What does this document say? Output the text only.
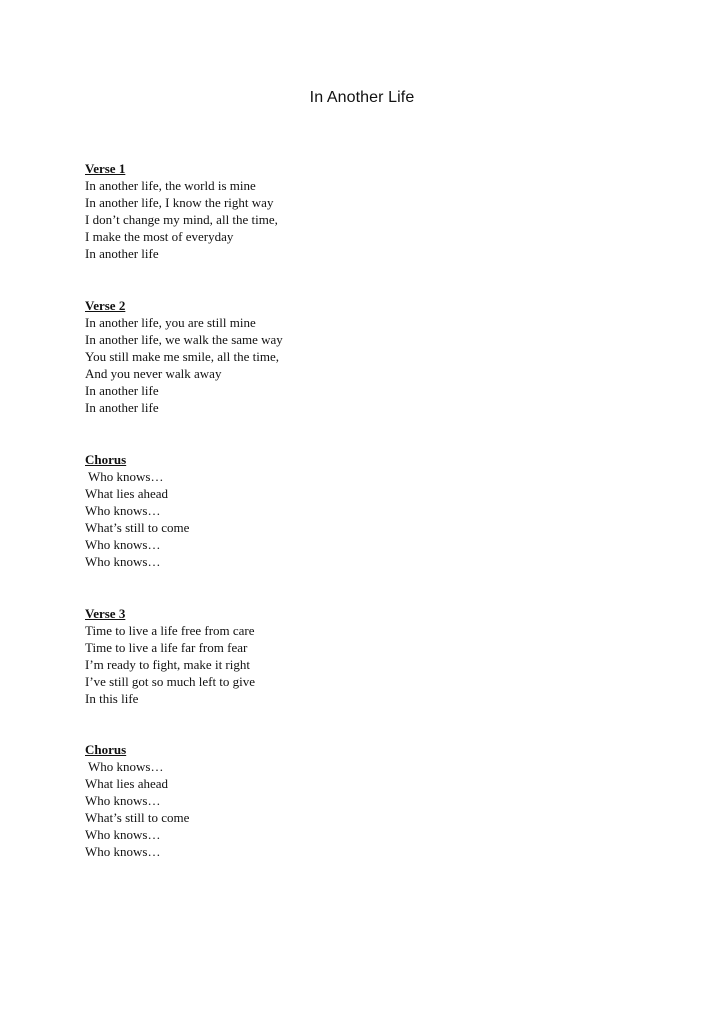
In Another Life
Verse 1
In another life, the world is mine
In another life, I know the right way
I don’t change my mind, all the time,
I make the most of everyday
In another life
Verse 2
In another life, you are still mine
In another life, we walk the same way
You still make me smile, all the time,
And you never walk away
In another life
In another life
Chorus
Who knows…
What lies ahead
Who knows…
What’s still to come
Who knows…
Who knows…
Verse 3
Time to live a life free from care
Time to live a life far from fear
I’m ready to fight, make it right
I’ve still got so much left to give
In this life
Chorus
Who knows…
What lies ahead
Who knows…
What’s still to come
Who knows…
Who knows…
